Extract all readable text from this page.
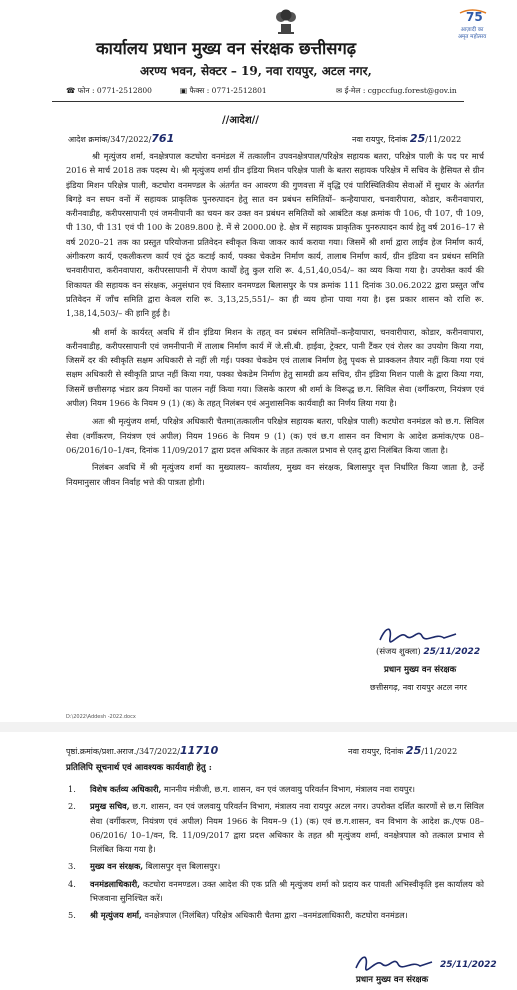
75
आज़ादी का
अमृत महोत्सव
कार्यालय प्रधान मुख्य वन संरक्षक छत्तीसगढ़
अरण्य भवन, सेक्टर – 19, नवा रायपुर, अटल नगर,
☎ फोन : 0771-2512800	▣ फैक्स : 0771-2512801	✉ ई-मेल : cgpccfug.forest@gov.in
//आदेश//
आदेश क्रमांक/347/2022/761	नवा रायपुर, दिनांक 25/11/2022

श्री मृत्युंजय शर्मा, वनक्षेत्रपाल कटघोरा वनमंडल में तत्कालीन उपवनक्षेत्रपाल/परिक्षेत्र सहायक बतरा, परिक्षेत्र पाली के पद पर मार्च 2016 से मार्च 2018 तक पदस्थ थे। श्री मृत्युंजय शर्मा ग्रीन इंडिया मिशन परिक्षेत्र पाली के बतरा सहायक परिक्षेत्र में सचिव के हैसियत से ग्रीन इंडिया मिशन परिक्षेत्र पाली, कटघोरा वनमण्डल के अंतर्गत वन आवरण की गुणवत्ता में वृद्धि एवं पारिस्थितिकीय सेवाओं में सुधार के अंतर्गत बिगड़े वन सघन वनों में सहायक प्राकृतिक पुनरुत्पादन हेतु सात वन प्रबंधन समितियों– कन्हैयापारा, चनवारीपारा, कोडार, करीनवापारा, करीनवाडीह, करीपरसापानी एवं जमनीपानी का चयन कर उक्त वन प्रबंधन समितियों को आबंटित कक्ष क्रमांक पी 106, पी 107, पी 109, पी 130, पी 131 एवं पी 100 के 2089.800 हे. में से 2000.00 हे. क्षेत्र में सहायक प्राकृतिक पुनरुत्पादन कार्य हेतु वर्ष 2016–17 से वर्ष 2020–21 तक का प्रस्तुत परियोजना प्रतिवेदन स्वीकृत किया जाकर कार्य कराया गया। जिसमें श्री शर्मा द्वारा लाईव हेज निर्माण कार्य, अंगीकरण कार्य, एकलीकरण कार्य एवं ठूंठ कटाई कार्य, पक्का चेकडेम निर्माण कार्य, तालाब निर्माण कार्य, ग्रीन इंडिया वन प्रबंधन समिति चनवारीपारा, करीनवापारा, करीपरसापानी में रोपण कार्यों हेतु कुल राशि रू. 4,51,40,054/– का व्यय किया गया है। उपरोक्त कार्य की शिकायत की सहायक वन संरक्षक, अनुसंधान एवं विस्तार वनमण्डल बिलासपुर के पत्र क्रमांक 111 दिनांक 30.06.2022 द्वारा प्रस्तुत जाँच प्रतिवेदन में जाँच समिति द्वारा केवल राशि रू. 3,13,25,551/– का ही व्यय होना पाया गया है। इस प्रकार शासन को राशि रू. 1,38,14,503/– की हानि हुई है।

श्री शर्मा के कार्यरत् अवधि में ग्रीन इंडिया मिशन के तहत् वन प्रबंधन समितियों–कन्हैयापारा, चनवारीपारा, कोडार, करीनवापारा, करीनवाडीह, करीपरसापानी एवं जमनीपानी में तालाब निर्माण कार्य में जे.सी.बी. हाईवा, ट्रेक्टर, पानी टैंकर एवं रोलर का उपयोग किया गया, जिसमें दर की स्वीकृति सक्षम अधिकारी से नहीं ली गई। पक्का चेकडेम एवं तालाब निर्माण हेतु पृथक से प्राक्कलन तैयार नहीं किया गया एवं सक्षम अधिकारी से स्वीकृति प्राप्त नहीं किया गया, पक्का चेकडेम निर्माण हेतु सामग्री क्रय सचिव, ग्रीन इंडिया मिशन पाली के द्वारा किया गया, जिसमें छत्तीसगढ़ भंडार क्रय नियमों का पालन नहीं किया गया। जिसके कारण श्री शर्मा के विरूद्ध छ.ग. सिविल सेवा (वर्गीकरण, नियंत्रण एवं अपील) नियम 1966 के नियम 9 (1) (क) के तहत् निलंबन एवं अनुशासनिक कार्यवाही का निर्णय लिया गया है।

अतः श्री मृत्युंजय शर्मा, परिक्षेत्र अधिकारी चैतमा(तत्कालीन परिक्षेत्र सहायक बतरा, परिक्षेत्र पाली) कटघोरा वनमंडल को छ.ग. सिविल सेवा (वर्गीकरण, नियंत्रण एवं अपील) नियम 1966 के नियम 9 (1) (क) एवं छ.ग शासन वन विभाग के आदेश क्रमांक/एफ 08–06/2016/10–1/वन, दिनांक 11/09/2017 द्वारा प्रदत्त अधिकार के तहत तत्काल प्रभाव से एतद् द्वारा निलंबित किया जाता है।

निलंबन अवधि में श्री मृत्युंजय शर्मा का मुख्यालय– कार्यालय, मुख्य वन संरक्षक, बिलासपुर वृत्त निर्धारित किया जाता है, उन्हें नियमानुसार जीवन निर्वाह भत्ते की पात्रता होगी।

(संजय शुक्ला) 25/11/2022
प्रधान मुख्य वन संरक्षक
छत्तीसगढ़, नवा रायपुर अटल नगर
D:\2022\Addesh -2022.docx
पृष्ठां.क्रमांक/प्रशा.अराज./347/2022/11710	नवा रायपुर, दिनांक 25/11/2022
प्रतिलिपि सूचनार्थ एवं आवश्यक कार्यवाही हेतु :
1. विशेष कर्तव्य अधिकारी, माननीय मंत्रीजी, छ.ग. शासन, वन एवं जलवायु परिवर्तन विभाग, मंत्रालय नवा रायपुर।
2. प्रमुख सचिव, छ.ग. शासन, वन एवं जलवायु परिवर्तन विभाग, मंत्रालय नवा रायपुर अटल नगर। उपरोक्त दर्शित कारणों से छ.ग सिविल सेवा (वर्गीकरण, नियंत्रण एवं अपील) नियम 1966 के नियम–9 (1) (क) एवं छ.ग.शासन, वन विभाग के आदेश क्र./एफ 08– 06/2016/ 10–1/वन, दि. 11/09/2017 द्वारा प्रदत्त अधिकार के तहत श्री मृत्युंजय शर्मा, वनक्षेत्रपाल को तत्काल प्रभाव से निलंबित किया गया है।
3. मुख्य वन संरक्षक, बिलासपुर वृत्त बिलासपुर।
4. वनमंडलाधिकारी, कटघोरा वनमण्डल। उक्त आदेश की एक प्रति श्री मृत्युंजय शर्मा को प्रदाय कर पावती अभिस्वीकृति इस कार्यालय को भिजवाना सुनिश्चित करें।
5. श्री मृत्युंजय शर्मा, वनक्षेत्रपाल (निलंबित) परिक्षेत्र अधिकारी चैतमा द्वारा –वनमंडलाधिकारी, कटघोरा वनमंडल।
25/11/2022
प्रधान मुख्य वन संरक्षक
